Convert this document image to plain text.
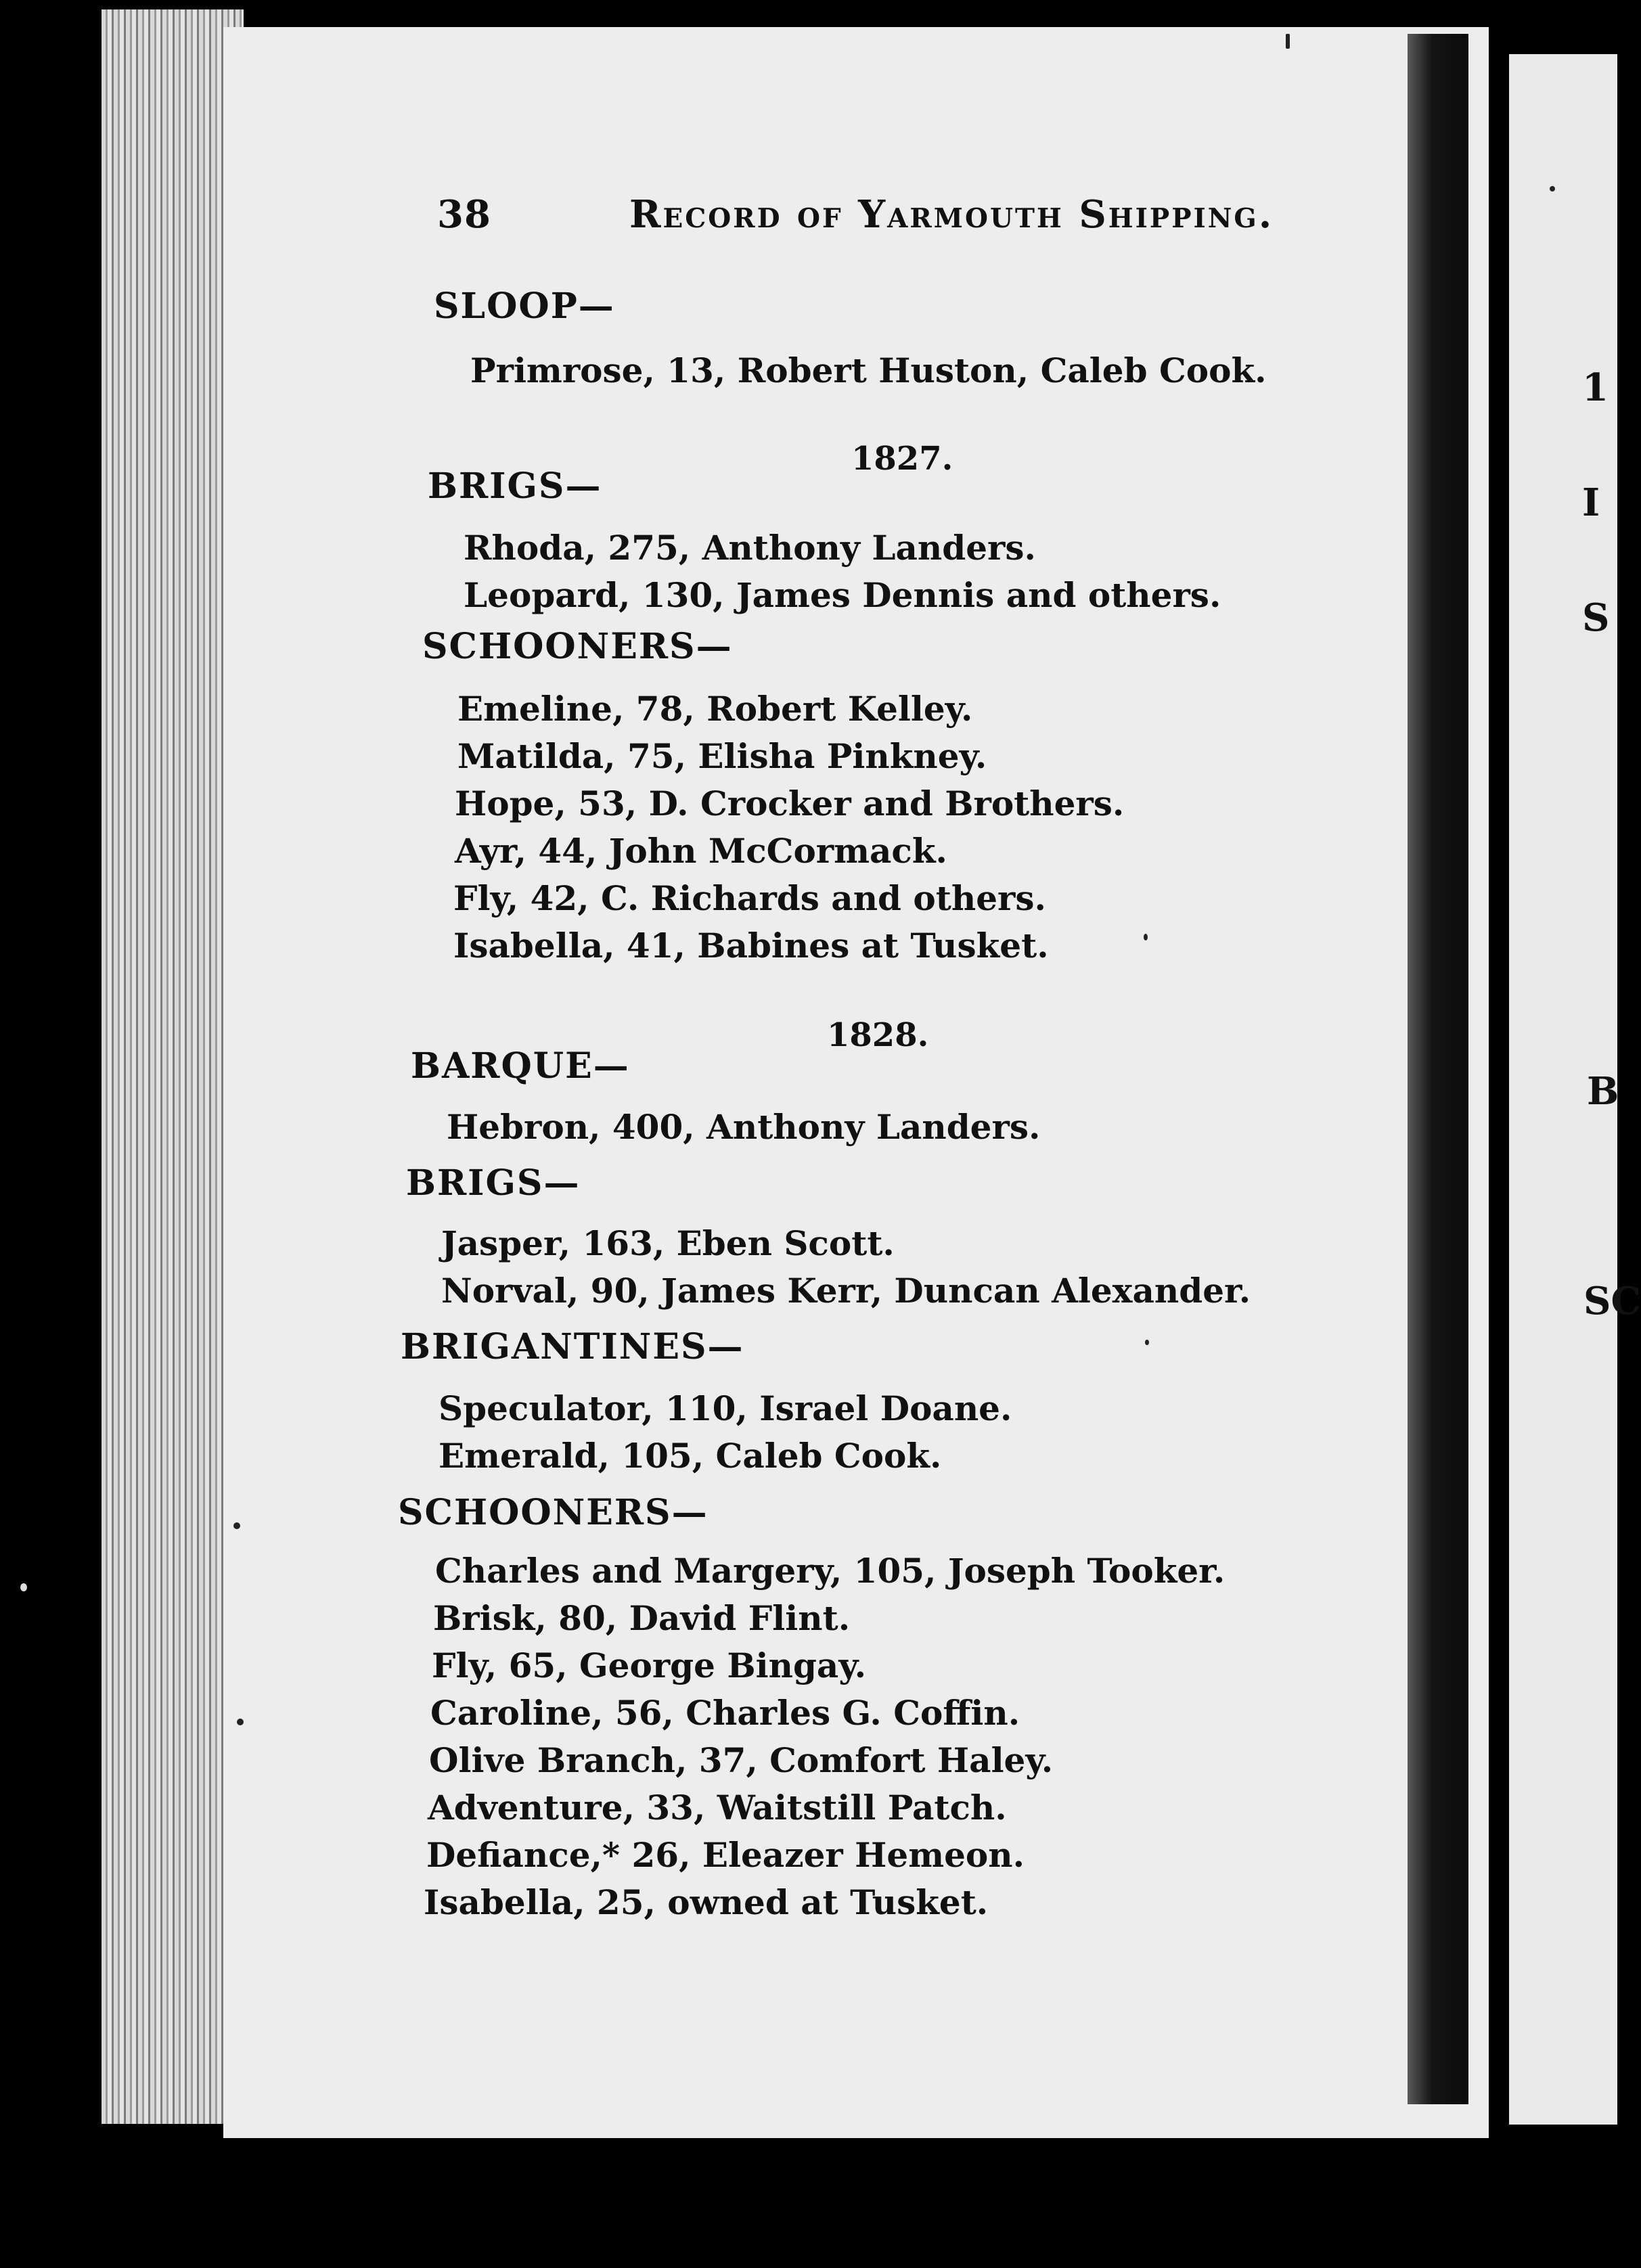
1
I
S
B
SC
38	Record of Yarmouth Shipping.
SLOOP—
Primrose, 13, Robert Huston, Caleb Cook.
1827.
BRIGS—
Rhoda, 275, Anthony Landers.
Leopard, 130, James Dennis and others.
SCHOONERS—
Emeline, 78, Robert Kelley.
Matilda, 75, Elisha Pinkney.
Hope, 53, D. Crocker and Brothers.
Ayr, 44, John McCormack.
Fly, 42, C. Richards and others.
Isabella, 41, Babines at Tusket.
1828.
BARQUE—
Hebron, 400, Anthony Landers.
BRIGS—
Jasper, 163, Eben Scott.
Norval, 90, James Kerr, Duncan Alexander.
BRIGANTINES—
Speculator, 110, Israel Doane.
Emerald, 105, Caleb Cook.
SCHOONERS—
Charles and Margery, 105, Joseph Tooker.
Brisk, 80, David Flint.
Fly, 65, George Bingay.
Caroline, 56, Charles G. Coffin.
Olive Branch, 37, Comfort Haley.
Adventure, 33, Waitstill Patch.
Defiance,* 26, Eleazer Hemeon.
Isabella, 25, owned at Tusket.
